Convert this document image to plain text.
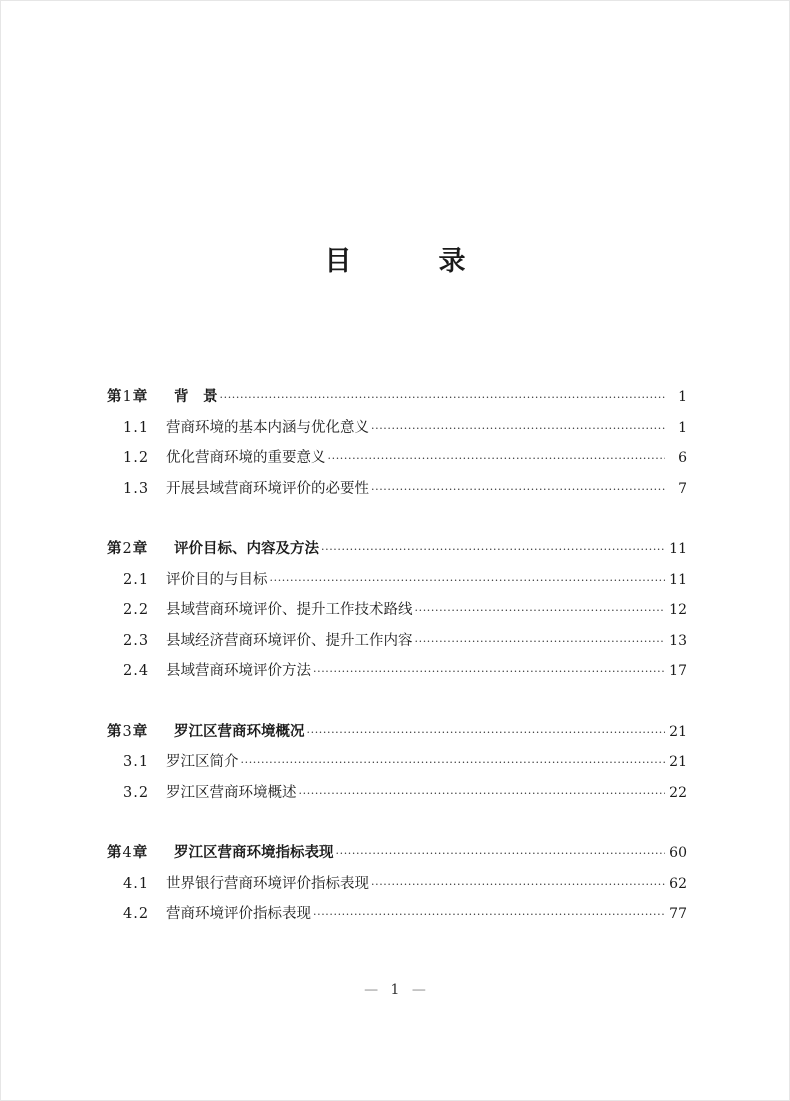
目　录
第1章	背　景 ·····	1
1.1	营商环境的基本内涵与优化意义 ·····	1
1.2	优化营商环境的重要意义 ·····	6
1.3	开展县域营商环境评价的必要性 ·····	7
第2章	评价目标、内容及方法 ·····	11
2.1	评价目的与目标 ·····	11
2.2	县域营商环境评价、提升工作技术路线 ·····	12
2.3	县域经济营商环境评价、提升工作内容 ·····	13
2.4	县域营商环境评价方法 ·····	17
第3章	罗江区营商环境概况 ·····	21
3.1	罗江区简介 ·····	21
3.2	罗江区营商环境概述 ·····	22
第4章	罗江区营商环境指标表现 ·····	60
4.1	世界银行营商环境评价指标表现 ·····	62
4.2	营商环境评价指标表现 ·····	77
— 1 —
